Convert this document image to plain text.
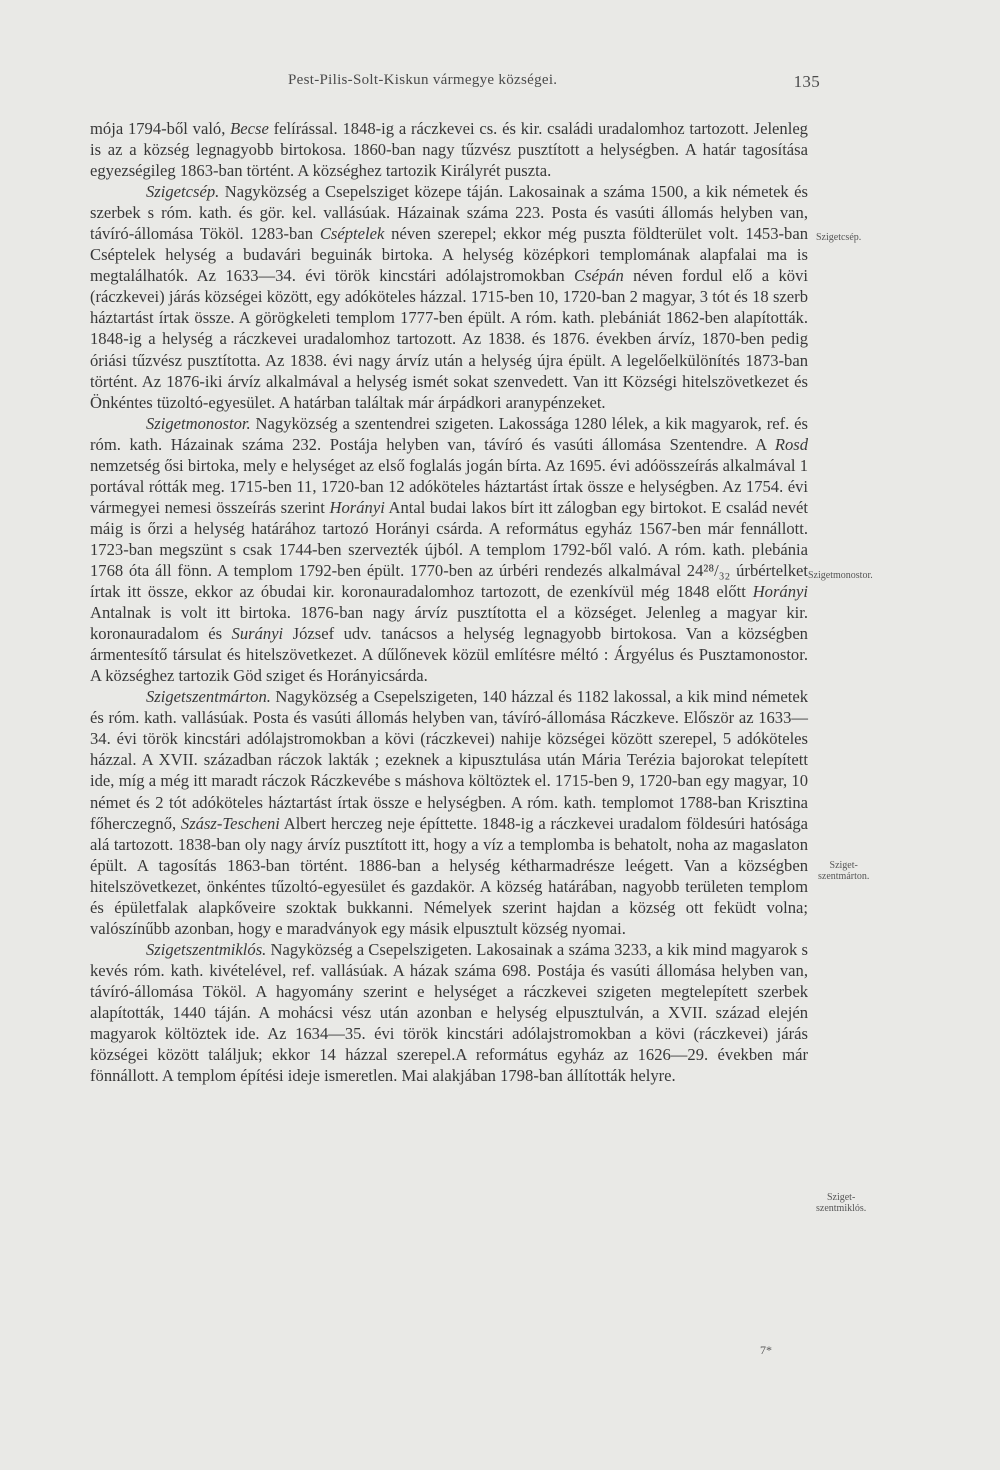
Pest-Pilis-Solt-Kiskun vármegye községei.	135

mója 1794-ből való, Becse felírással. 1848-ig a ráczkevei cs. és kir. családi uradalomhoz tartozott. Jelenleg is az a község legnagyobb birtokosa. 1860-ban nagy tűzvész pusztított a helységben. A határ tagosítása egyezségileg 1863-ban történt. A községhez tartozik Királyrét puszta.

Szigetcsép. Nagyközség a Csepelsziget közepe táján. Lakosainak a száma 1500, a kik németek és szerbek s róm. kath. és gör. kel. vallásúak. Házainak száma 223. Posta és vasúti állomás helyben van, távíró-állomása Tököl. 1283-ban Cséptelek néven szerepel; ekkor még puszta földterület volt. 1453-ban Cséptelek helység a budavári beguinák birtoka. A helység középkori templomának alapfalai ma is megtalálhatók. Az 1633—34. évi török kincstári adólajstromokban Csépán néven fordul elő a kövi (ráczkevei) járás községei között, egy adóköteles házzal. 1715-ben 10, 1720-ban 2 magyar, 3 tót és 18 szerb háztartást írtak össze. A görögkeleti templom 1777-ben épült. A róm. kath. plebániát 1862-ben alapították. 1848-ig a helység a ráczkevei uradalomhoz tartozott. Az 1838. és 1876. években árvíz, 1870-ben pedig óriási tűzvész pusztította. Az 1838. évi nagy árvíz után a helység újra épült. A legelőelkülönítés 1873-ban történt. Az 1876-iki árvíz alkalmával a helység ismét sokat szenvedett. Van itt Községi hitelszövetkezet és Önkéntes tüzoltó-egyesület. A határban találtak már árpádkori aranypénzeket.

Szigetmonostor. Nagyközség a szentendrei szigeten. Lakossága 1280 lélek, a kik magyarok, ref. és róm. kath. Házainak száma 232. Postája helyben van, távíró és vasúti állomása Szentendre. A Rosd nemzetség ősi birtoka, mely e helységet az első foglalás jogán bírta. Az 1695. évi adóösszeírás alkalmával 1 portával rótták meg. 1715-ben 11, 1720-ban 12 adóköteles háztartást írtak össze e helységben. Az 1754. évi vármegyei nemesi összeírás szerint Horányi Antal budai lakos bírt itt zálogban egy birtokot. E család nevét máig is őrzi a helység határához tartozó Horányi csárda. A református egyház 1567-ben már fennállott. 1723-ban megszünt s csak 1744-ben szervezték újból. A templom 1792-ből való. A róm. kath. plebánia 1768 óta áll fönn. A templom 1792-ben épült. 1770-ben az úrbéri rendezés alkalmával 24²⁸/₃₂ úrbértelket írtak itt össze, ekkor az óbudai kir. koronauradalomhoz tartozott, de ezenkívül még 1848 előtt Horányi Antalnak is volt itt birtoka. 1876-ban nagy árvíz pusztította el a községet. Jelenleg a magyar kir. koronauradalom és Surányi József udv. tanácsos a helység legnagyobb birtokosa. Van a községben ármentesítő társulat és hitelszövetkezet. A dűlőnevek közül említésre méltó : Árgyélus és Pusztamonostor. A községhez tartozik Göd sziget és Horányicsárda.

Szigetszentmárton. Nagyközség a Csepelszigeten, 140 házzal és 1182 lakossal, a kik mind németek és róm. kath. vallásúak. Posta és vasúti állomás helyben van, távíró-állomása Ráczkeve. Először az 1633—34. évi török kincstári adólajstromokban a kövi (ráczkevei) nahije községei között szerepel, 5 adóköteles házzal. A XVII. században ráczok lakták ; ezeknek a kipusztulása után Mária Terézia bajorokat telepített ide, míg a még itt maradt ráczok Ráczkevébe s máshova költöztek el. 1715-ben 9, 1720-ban egy magyar, 10 német és 2 tót adóköteles háztartást írtak össze e helységben. A róm. kath. templomot 1788-ban Krisztina főherczegnő, Szász-Tescheni Albert herczeg neje építtette. 1848-ig a ráczkevei uradalom földesúri hatósága alá tartozott. 1838-ban oly nagy árvíz pusztított itt, hogy a víz a templomba is behatolt, noha az magaslaton épült. A tagosítás 1863-ban történt. 1886-ban a helység kétharmadrésze leégett. Van a községben hitelszövetkezet, önkéntes tűzoltó-egyesület és gazdakör. A község határában, nagyobb területen templom és épületfalak alapkőveire szoktak bukkanni. Némelyek szerint hajdan a község ott feküdt volna; valószínűbb azonban, hogy e maradványok egy másik elpusztult község nyomai.

Szigetszentmiklós. Nagyközség a Csepelszigeten. Lakosainak a száma 3233, a kik mind magyarok s kevés róm. kath. kivételével, ref. vallásúak. A házak száma 698. Postája és vasúti állomása helyben van, távíró-állomása Tököl. A hagyomány szerint e helységet a ráczkevei szigeten megtelepített szerbek alapították, 1440 táján. A mohácsi vész után azonban e helység elpusztulván, a XVII. század elején magyarok költöztek ide. Az 1634—35. évi török kincstári adólajstromokban a kövi (ráczkevei) járás községei között találjuk; ekkor 14 házzal szerepel.A református egyház az 1626—29. években már fönnállott. A templom építési ideje ismeretlen. Mai alakjában 1798-ban állították helyre.

Szigetcsép.
Szigetmonostor.
Sziget-
szentmárton.
Sziget-
szentmiklós.
7*
